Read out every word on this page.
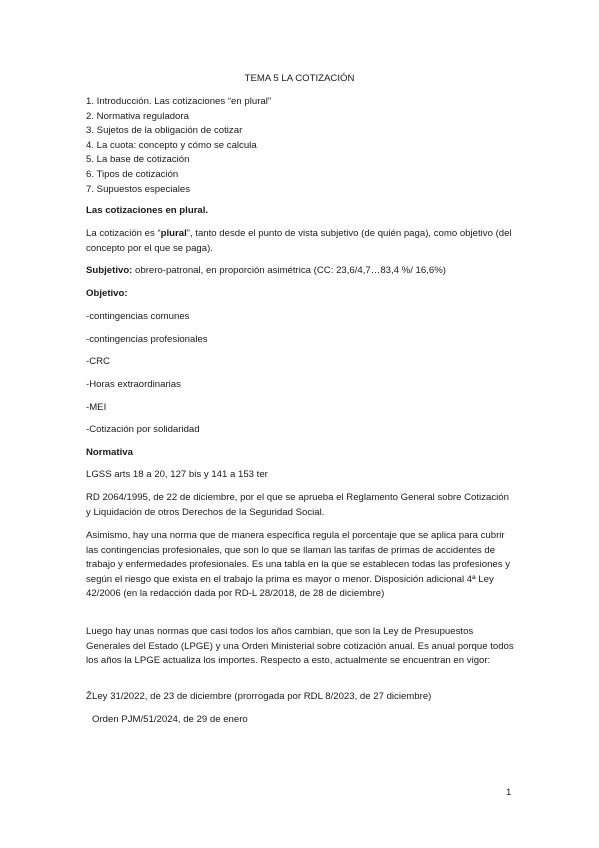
TEMA 5 LA COTIZACIÓN
1. Introducción. Las cotizaciones “en plural”
2. Normativa reguladora
3. Sujetos de la obligación de cotizar
4. La cuota: concepto y cómo se calcula
5. La base de cotización
6. Tipos de cotización
7. Supuestos especiales
Las cotizaciones en plural.

La cotización es “plural”, tanto desde el punto de vista subjetivo (de quién paga), como objetivo (del concepto por el que se paga).

Subjetivo: obrero-patronal, en proporción asimétrica (CC: 23,6/4,7…83,4 %/ 16,6%)

Objetivo:
-contingencias comunes
-contingencias profesionales
-CRC
-Horas extraordinarias
-MEI
-Cotización por solidaridad
Normativa

LGSS arts 18 a 20, 127 bis y 141 a 153 ter

RD 2064/1995, de 22 de diciembre, por el que se aprueba el Reglamento General sobre Cotización y Liquidación de otros Derechos de la Seguridad Social.

Asimismo, hay una norma que de manera específica regula el porcentaje que se aplica para cubrir las contingencias profesionales, que son lo que se llaman las tarifas de primas de accidentes de trabajo y enfermedades profesionales. Es una tabla en la que se establecen todas las profesiones y según el riesgo que exista en el trabajo la prima es mayor o menor. Disposición adicional 4ª Ley 42/2006 (en la redacción dada por RD-L 28/2018, de 28 de diciembre)

Luego hay unas normas que casi todos los años cambian, que son la Ley de Presupuestos Generales del Estado (LPGE) y una Orden Ministerial sobre cotización anual. Es anual porque todos los años la LPGE actualiza los importes. Respecto a esto, actualmente se encuentran en vigor:

ŽLey 31/2022, de 23 de diciembre (prorrogada por RDL 8/2023, de 27 diciembre)
Orden PJM/51/2024, de 29 de enero
1
